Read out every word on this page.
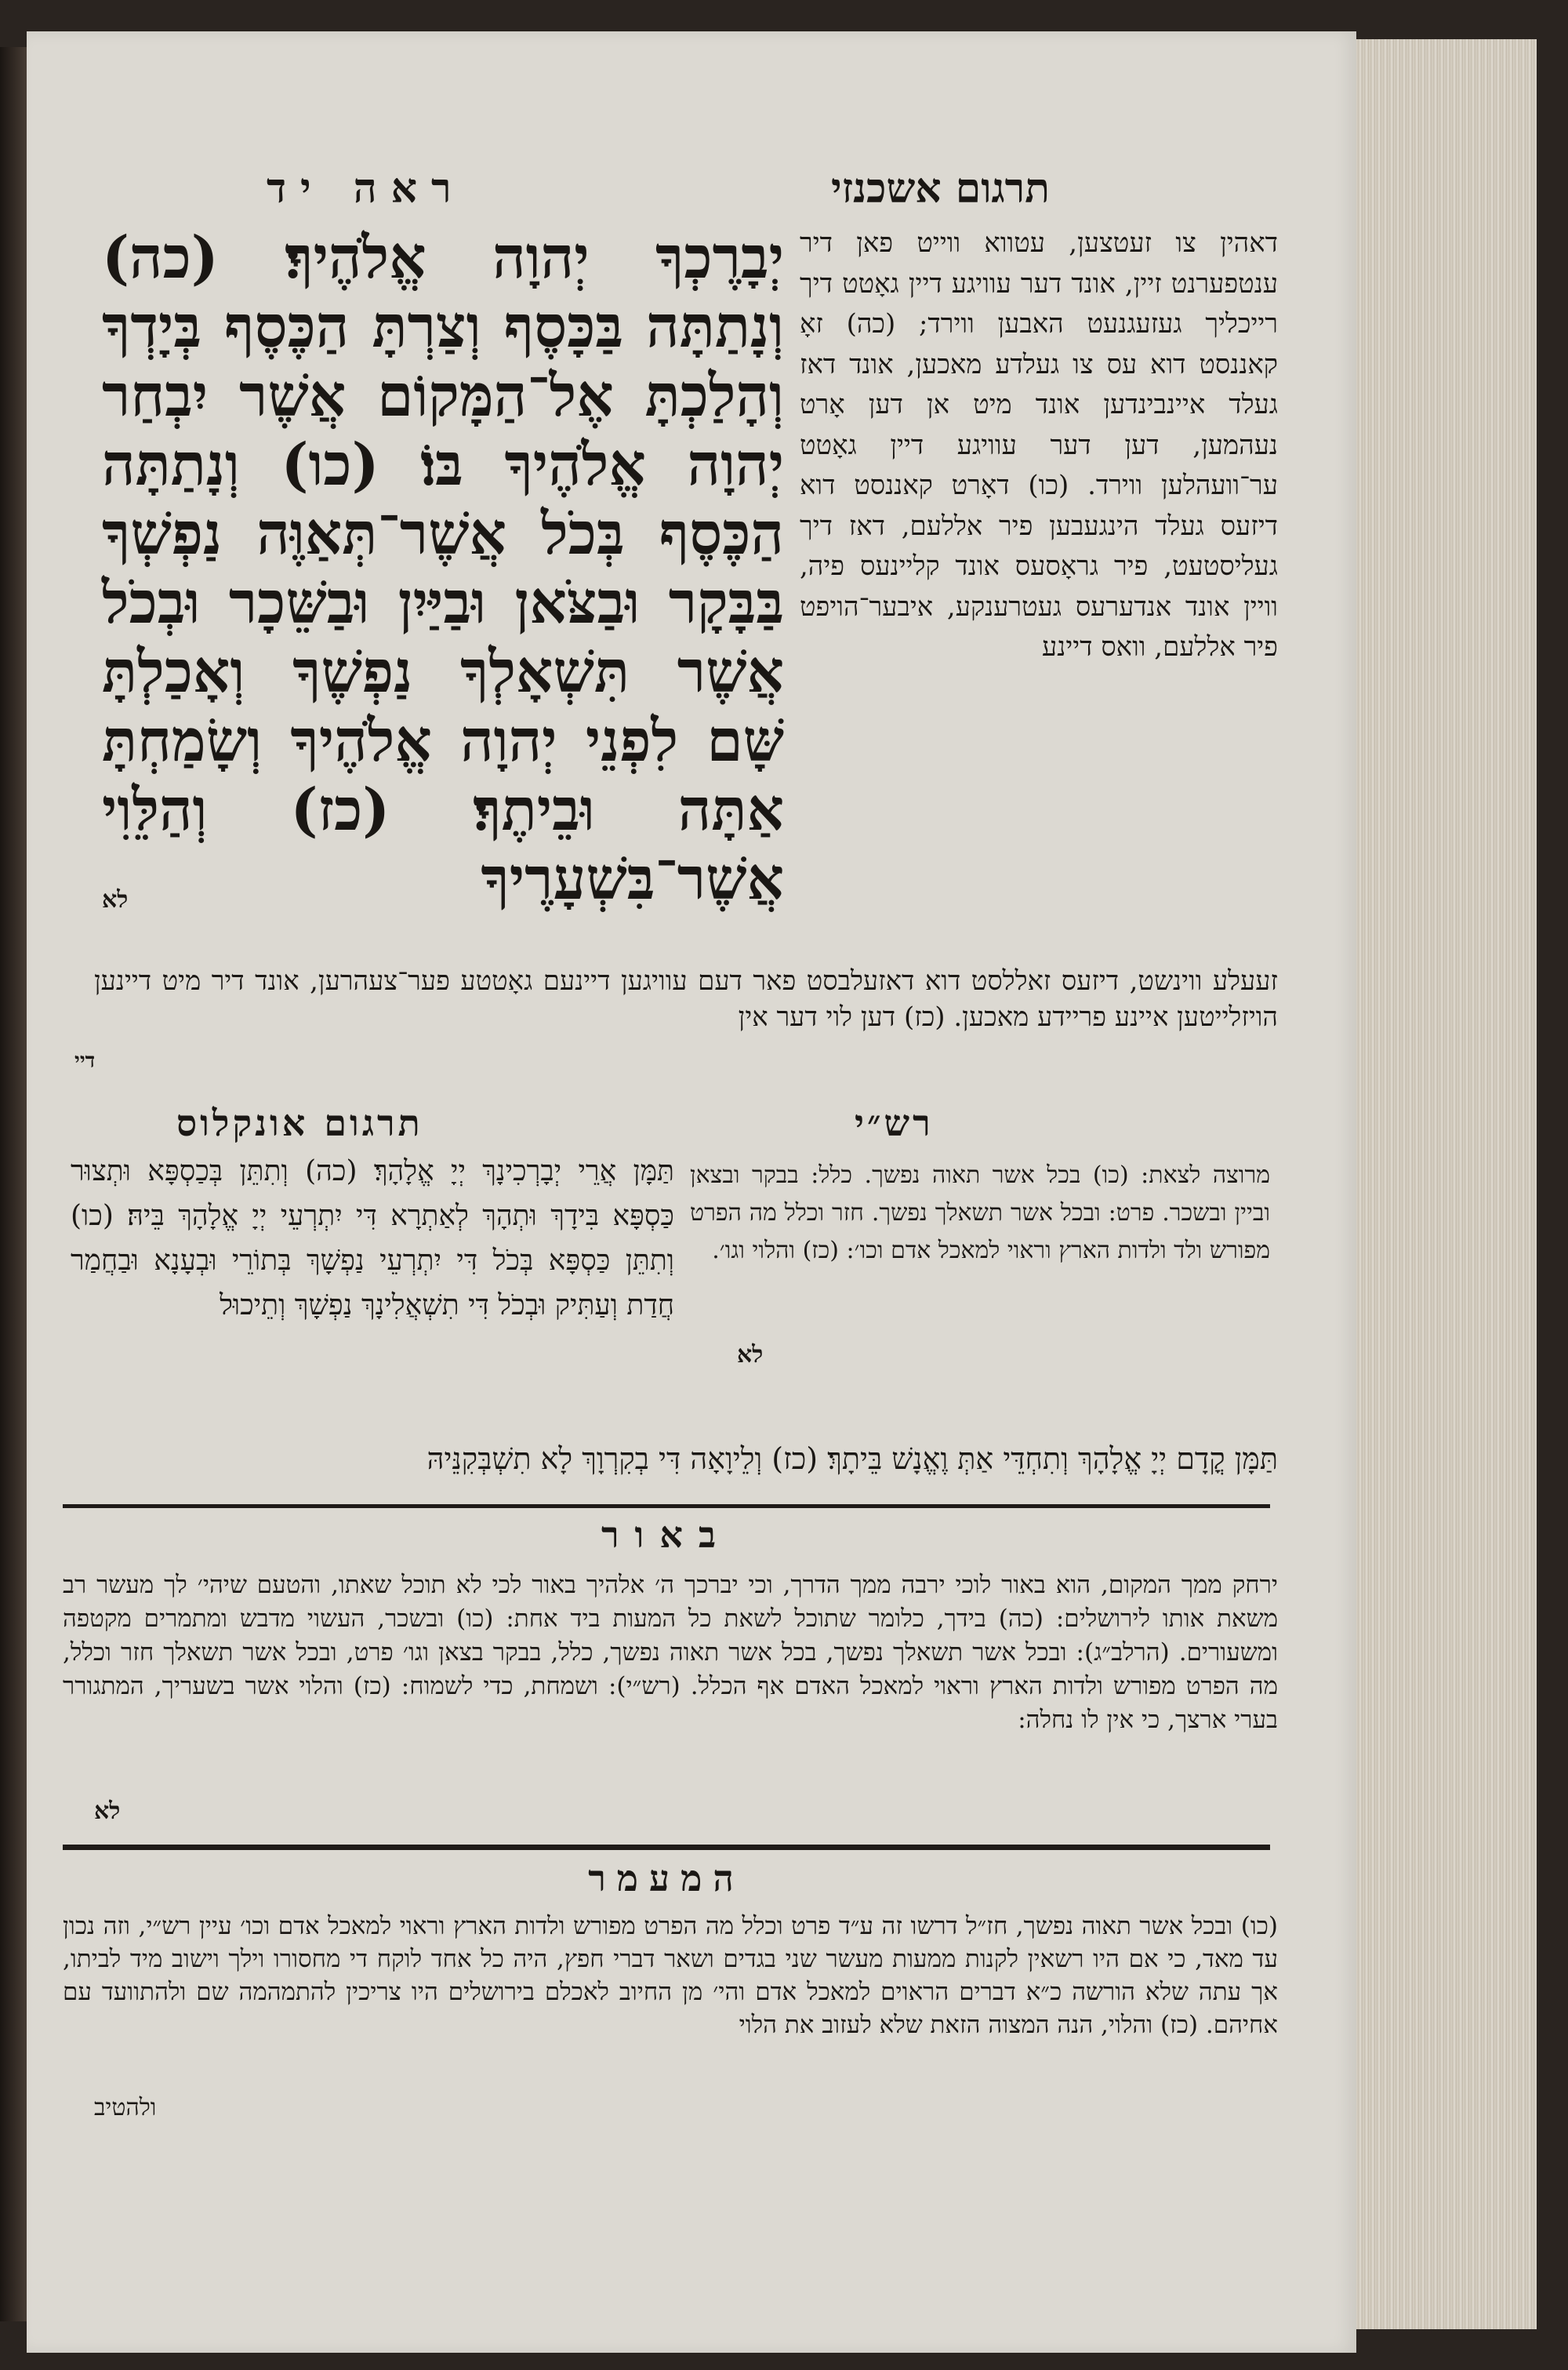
ראה יד	תרגום אשכנזי
יְבָרֶכְךָ יְהוָה אֱלֹהֶיךָ׃ (כה) וְנָתַתָּה בַּכָּסֶף וְצַרְתָּ הַכֶּסֶף בְּיָדְךָ וְהָלַכְתָּ אֶל־הַמָּקוֹם אֲשֶׁר יִבְחַר יְהוָה אֱלֹהֶיךָ בּוֹ׃ (כו) וְנָתַתָּה הַכֶּסֶף בְּכֹל אֲשֶׁר־תְּאַוֶּה נַפְשְׁךָ בַּבָּקָר וּבַצֹּאן וּבַיַּיִן וּבַשֵּׁכָר וּבְכֹל אֲשֶׁר תִּשְׁאָלְךָ נַפְשֶׁךָ וְאָכַלְתָּ שָּׁם לִפְנֵי יְהוָה אֱלֹהֶיךָ וְשָׂמַחְתָּ אַתָּה וּבֵיתֶךָ׃ (כז) וְהַלֵּוִי אֲשֶׁר־בִּשְׁעָרֶיךָ
לא
דאהין צו זעטצען, עטווא ווייט פאן דיר ענטפערנט זיין, אונד דער עוויגע דיין גאָטט דיך רייכליך געזעגנעט האבען ווירד; (כה) זאָ קאננסט דוא עס צו געלדע מאכען, אונד דאז געלד איינבינדען אונד מיט אן דען אָרט נעהמען, דען דער עוויגע דיין גאָטט ער־וועהלען ווירד. (כו) דאָרט קאננסט דוא דיזעס געלד הינגעבען פיר אללעם, דאז דיך געליסטעט, פיר גראָסעס אונד קליינעס פיה, וויין אונד אנדערעס געטרענקע, איבער־הויפט פיר אללעם, וואס דיינע
זעעלע ווינשט, דיזעס זאללסט דוא דאזעלבסט פאר דעם עוויגען דיינעם גאָטטע פער־צעהרען, אונד דיר מיט דיינען הויזלייטען איינע פריידע מאכען. (כז) דען לוי דער אין
דיי
רש״י
מרוצה לצאת: (כו) בכל אשר תאוה נפשך. כלל: בבקר ובצאן וביין ובשכר. פרט: ובכל אשר תשאלך נפשך. חזר וכלל מה הפרט מפורש ולד ולדות הארץ וראוי למאכל אדם וכו׳: (כז) והלוי וגו׳.
לא
תרגום אונקלוס
תַּמָּן אֲרֵי יְבָרְכִינָךְ יְיָ אֱלָהָךְ׃ (כה) וְתִתֵּן בְּכַסְפָּא וּתְצוּר כַּסְפָּא בִּידָךְ וּתְהָךְ לְאַתְרָא דִּי יִתְרְעֵי יְיָ אֱלָהָךְ בֵּיהּ׃ (כו) וְתִתֵּן כַּסְפָּא בְּכֹל דִּי יִתְרְעֵי נַפְשָׁךְ בְּתוֹרֵי וּבְעָנָא וּבַחֲמַר חֲדַת וְעַתִּיק וּבְכֹל דִּי תִשְׁאֲלִינָךְ נַפְשָׁךְ וְתֵיכוּל
תַּמָּן קֳדָם יְיָ אֱלָהָךְ וְתִחְדֵּי אַתְּ וֶאֱנָשׁ בֵּיתָךְ׃ (כז) וְלֵיוָאָה דִּי בְקִרְוָךְ לָא תִשְׁבְּקִנֵּיהּ
באור
ירחק ממך המקום, הוא באור לוכי ירבה ממך הדרך, וכי יברכך ה׳ אלהיך באור לכי לא תוכל שאתו, והטעם שיהי׳ לך מעשר רב משאת אותו לירושלים: (כה) בידך, כלומר שתוכל לשאת כל המעות ביד אחת: (כו) ובשכר, העשוי מדבש ומתמרים מקטפה ומשעורים. (הרלב״ג): ובכל אשר תשאלך נפשך, בכל אשר תאוה נפשך, כלל, בבקר בצאן וגו׳ פרט, ובכל אשר תשאלך חזר וכלל, מה הפרט מפורש ולדות הארץ וראוי למאכל האדם אף הכלל. (רש״י): ושמחת, כדי לשמוח: (כז) והלוי אשר בשעריך, המתגורר בערי ארצך, כי אין לו נחלה:
לא
המעמר
(כו) ובכל אשר תאוה נפשך, חז״ל דרשו זה ע״ד פרט וכלל מה הפרט מפורש ולדות הארץ וראוי למאכל אדם וכו׳ עיין רש״י, וזה נכון עד מאד, כי אם היו רשאין לקנות ממעות מעשר שני בגדים ושאר דברי חפץ, היה כל אחד לוקח די מחסורו וילך וישוב מיד לביתו, אך עתה שלא הורשה כ״א דברים הראוים למאכל אדם והי׳ מן החיוב לאכלם בירושלים היו צריכין להתמהמה שם ולהתוועד עם אחיהם. (כז) והלוי, הנה המצוה הזאת שלא לעזוב את הלוי
ולהטיב
